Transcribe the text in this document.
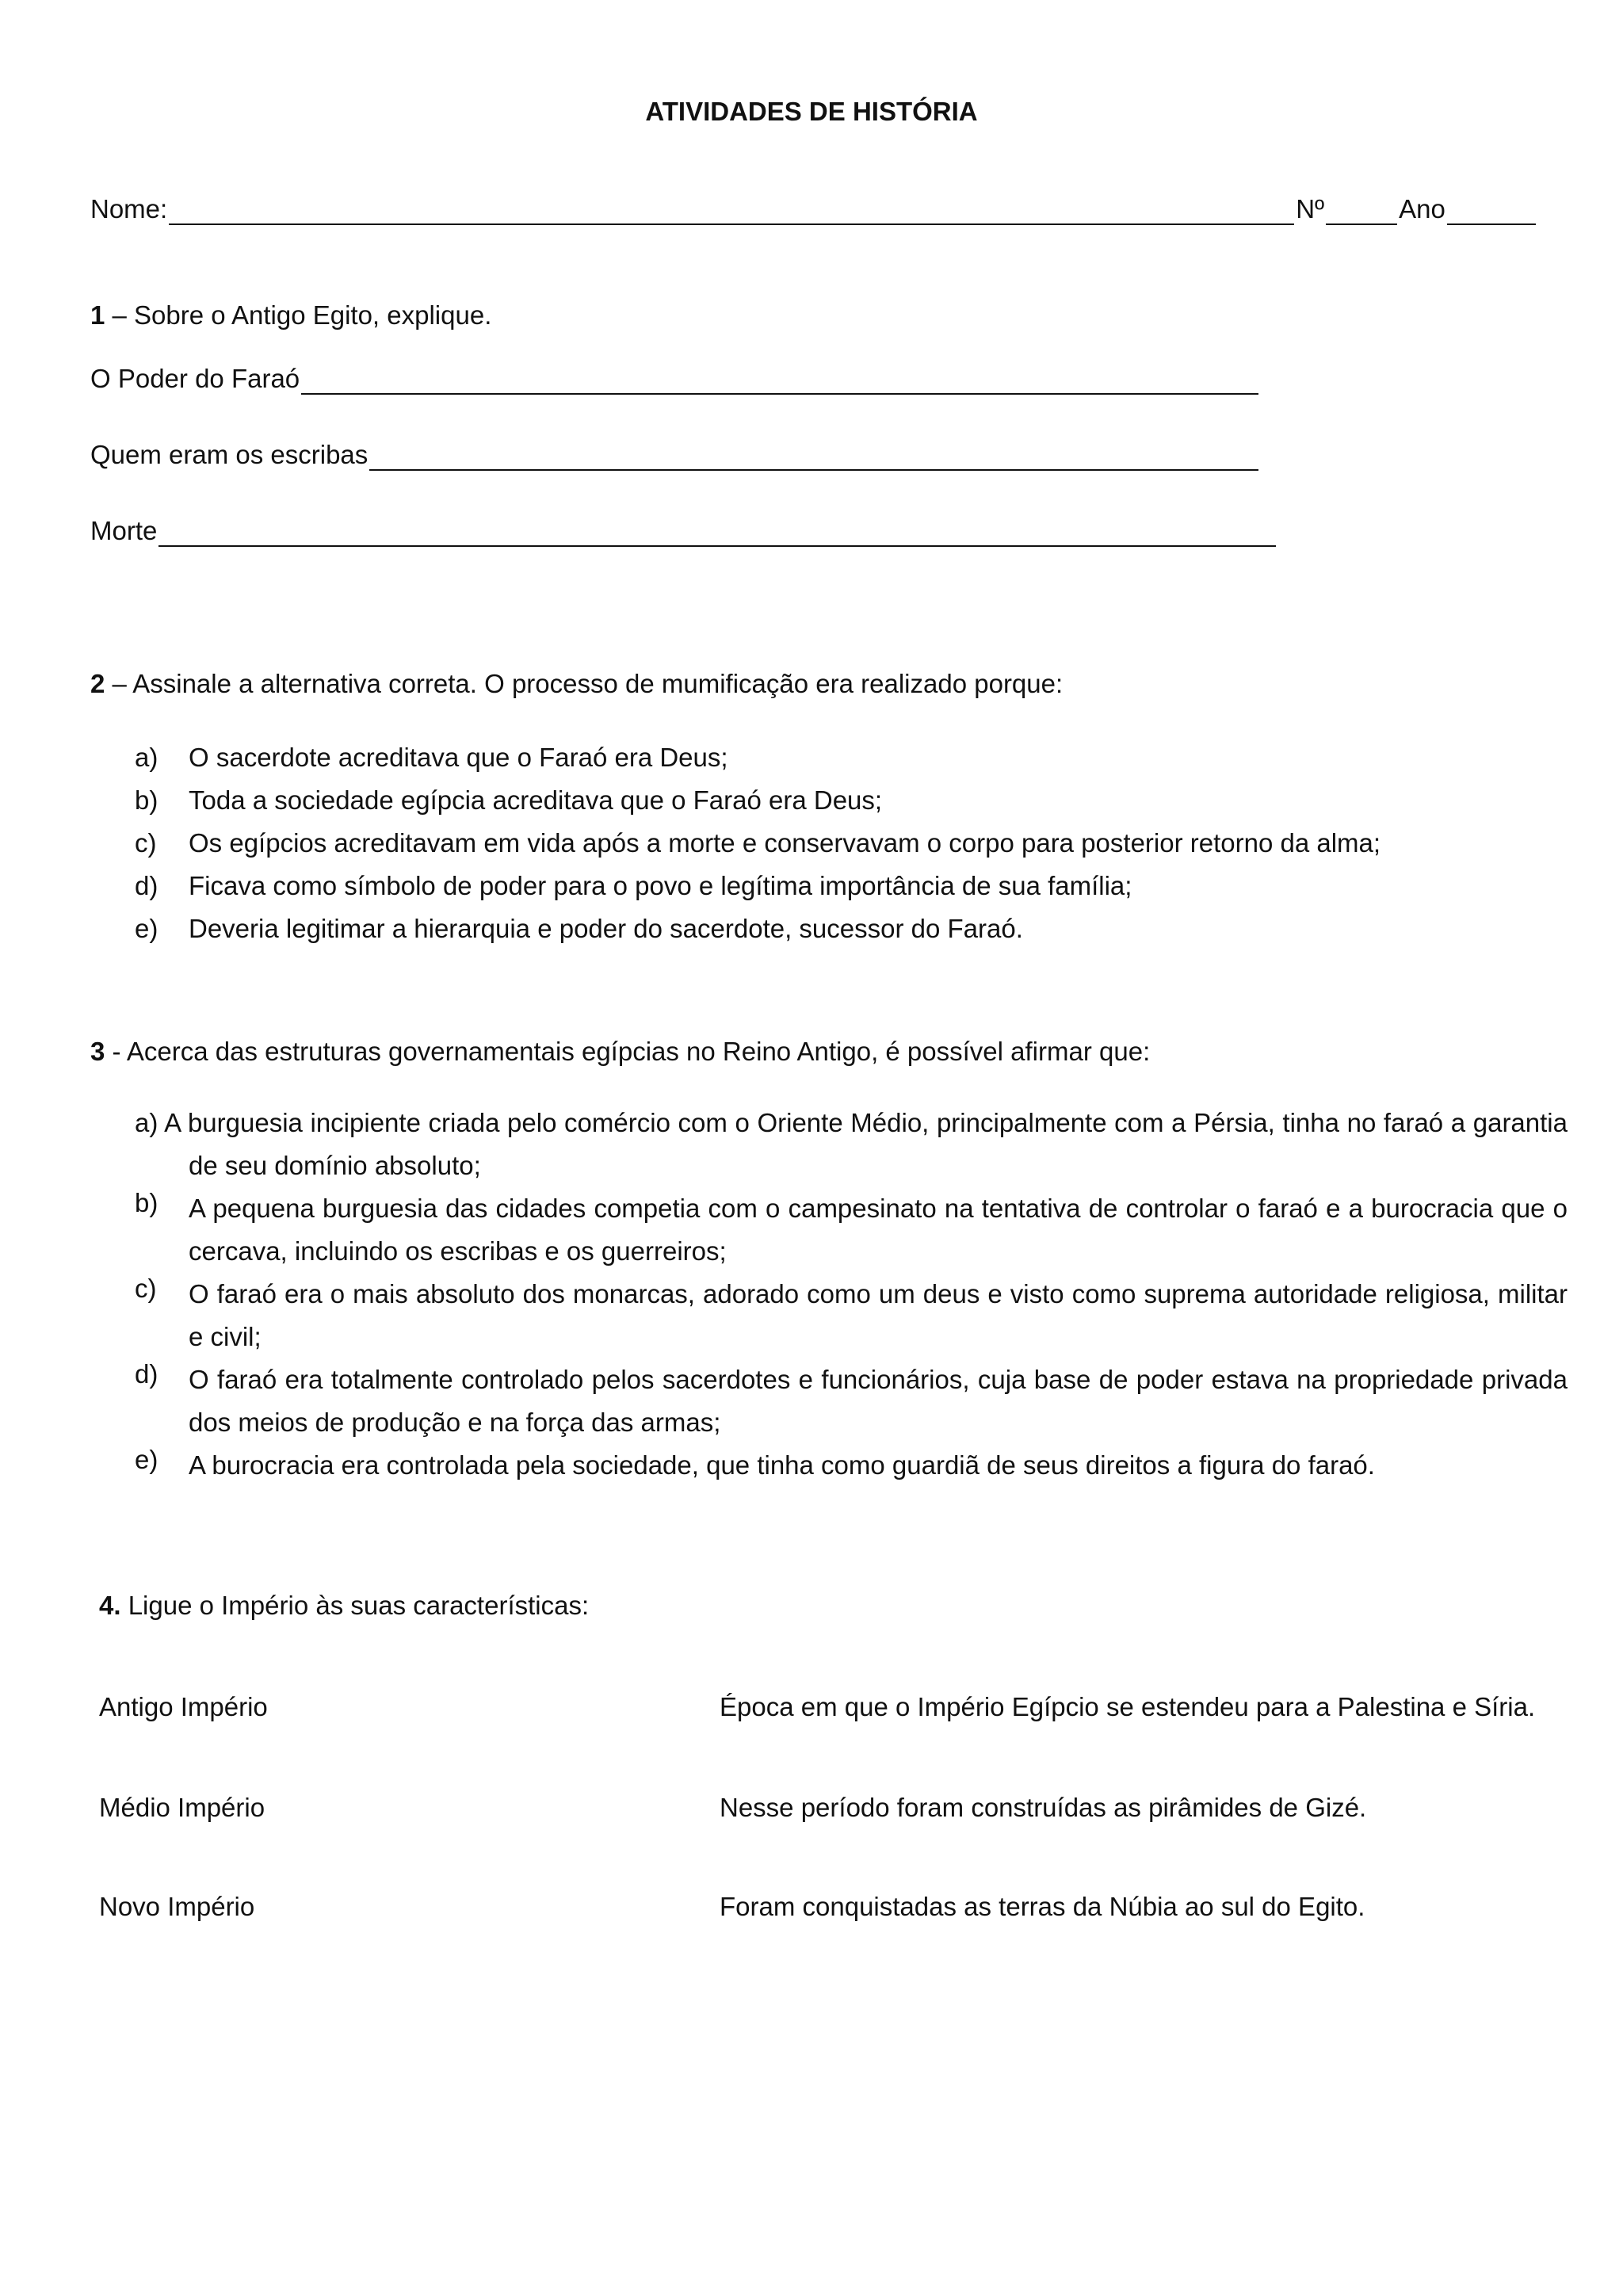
ATIVIDADES DE HISTÓRIA
Nome:	Nº	Ano
1 – Sobre o Antigo Egito, explique.
O Poder do Faraó
Quem eram os escribas
Morte
2 – Assinale a alternativa correta. O processo de mumificação era realizado porque:
a)	O sacerdote acreditava que o Faraó era Deus;
b)	Toda a sociedade egípcia acreditava que o Faraó era Deus;
c)	Os egípcios acreditavam em vida após a morte e conservavam o corpo para posterior retorno da alma;
d)	Ficava como símbolo de poder para o povo e legítima importância de sua família;
e)	Deveria legitimar a hierarquia e poder do sacerdote, sucessor do Faraó.
3 - Acerca das estruturas governamentais egípcias no Reino Antigo, é possível afirmar que:
a) A burguesia incipiente criada pelo comércio com o Oriente Médio, principalmente com a Pérsia, tinha no faraó a garantia de seu domínio absoluto;
b)	A pequena burguesia das cidades competia com o campesinato na tentativa de controlar o faraó e a burocracia que o cercava, incluindo os escribas e os guerreiros;
c)	O faraó era o mais absoluto dos monarcas, adorado como um deus e visto como suprema autoridade religiosa, militar e civil;
d)	O faraó era totalmente controlado pelos sacerdotes e funcionários, cuja base de poder estava na propriedade privada dos meios de produção e na força das armas;
e)	A burocracia era controlada pela sociedade, que tinha como guardiã de seus direitos a figura do faraó.
4. Ligue o Império às suas características:
Antigo Império	Época em que o Império Egípcio se estendeu para a Palestina e Síria.
Médio Império	Nesse período foram construídas as pirâmides de Gizé.
Novo Império	Foram conquistadas as terras da Núbia ao sul do Egito.
